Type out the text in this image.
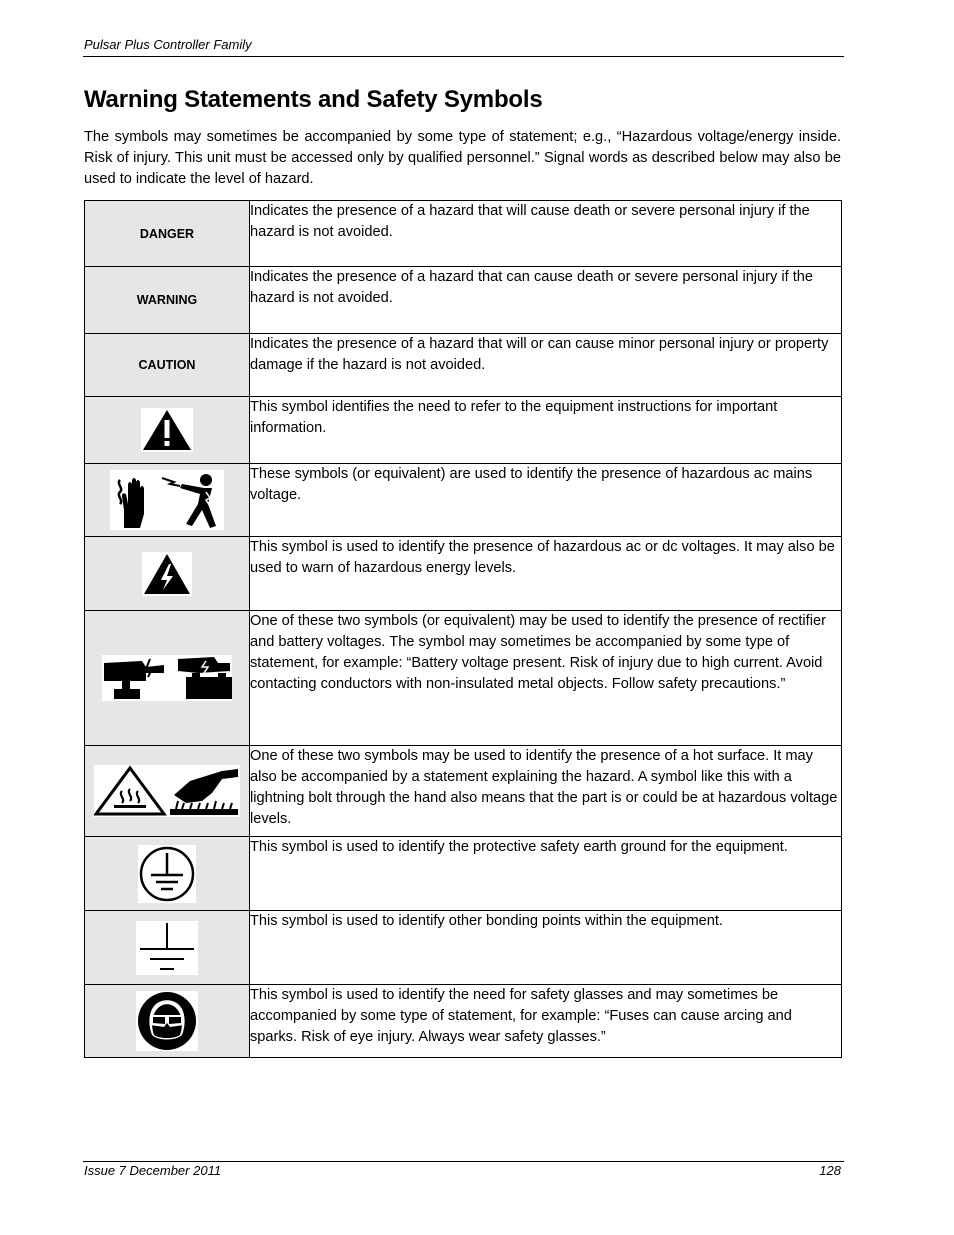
Pulsar Plus Controller Family
Warning Statements and Safety Symbols

The symbols may sometimes be accompanied by some type of statement; e.g., “Hazardous voltage/energy inside. Risk of injury. This unit must be accessed only by qualified personnel.” Signal words as described below may also be used to indicate the level of hazard.

DANGER	Indicates the presence of a hazard that will cause death or severe personal injury if the hazard is not avoided.
WARNING	Indicates the presence of a hazard that can cause death or severe personal injury if the hazard is not avoided.
CAUTION	Indicates the presence of a hazard that will or can cause minor personal injury or property damage if the hazard is not avoided.

	This symbol identifies the need to refer to the equipment instructions for important information.

	These symbols (or equivalent) are used to identify the presence of hazardous ac mains voltage.

	This symbol is used to identify the presence of hazardous ac or dc voltages. It may also be used to warn of hazardous energy levels.

	One of these two symbols (or equivalent) may be used to identify the presence of rectifier and battery voltages. The symbol may sometimes be accompanied by some type of statement, for example: “Battery voltage present. Risk of injury due to high current. Avoid contacting conductors with non-insulated metal objects. Follow safety precautions.”

	One of these two symbols may be used to identify the presence of a hot surface. It may also be accompanied by a statement explaining the hazard. A symbol like this with a lightning bolt through the hand also means that the part is or could be at hazardous voltage levels.

	This symbol is used to identify the protective safety earth ground for the equipment.

	This symbol is used to identify other bonding points within the equipment.

	This symbol is used to identify the need for safety glasses and may sometimes be accompanied by some type of statement, for example: “Fuses can cause arcing and sparks. Risk of eye injury. Always wear safety glasses.”
Issue 7 December 2011	128
